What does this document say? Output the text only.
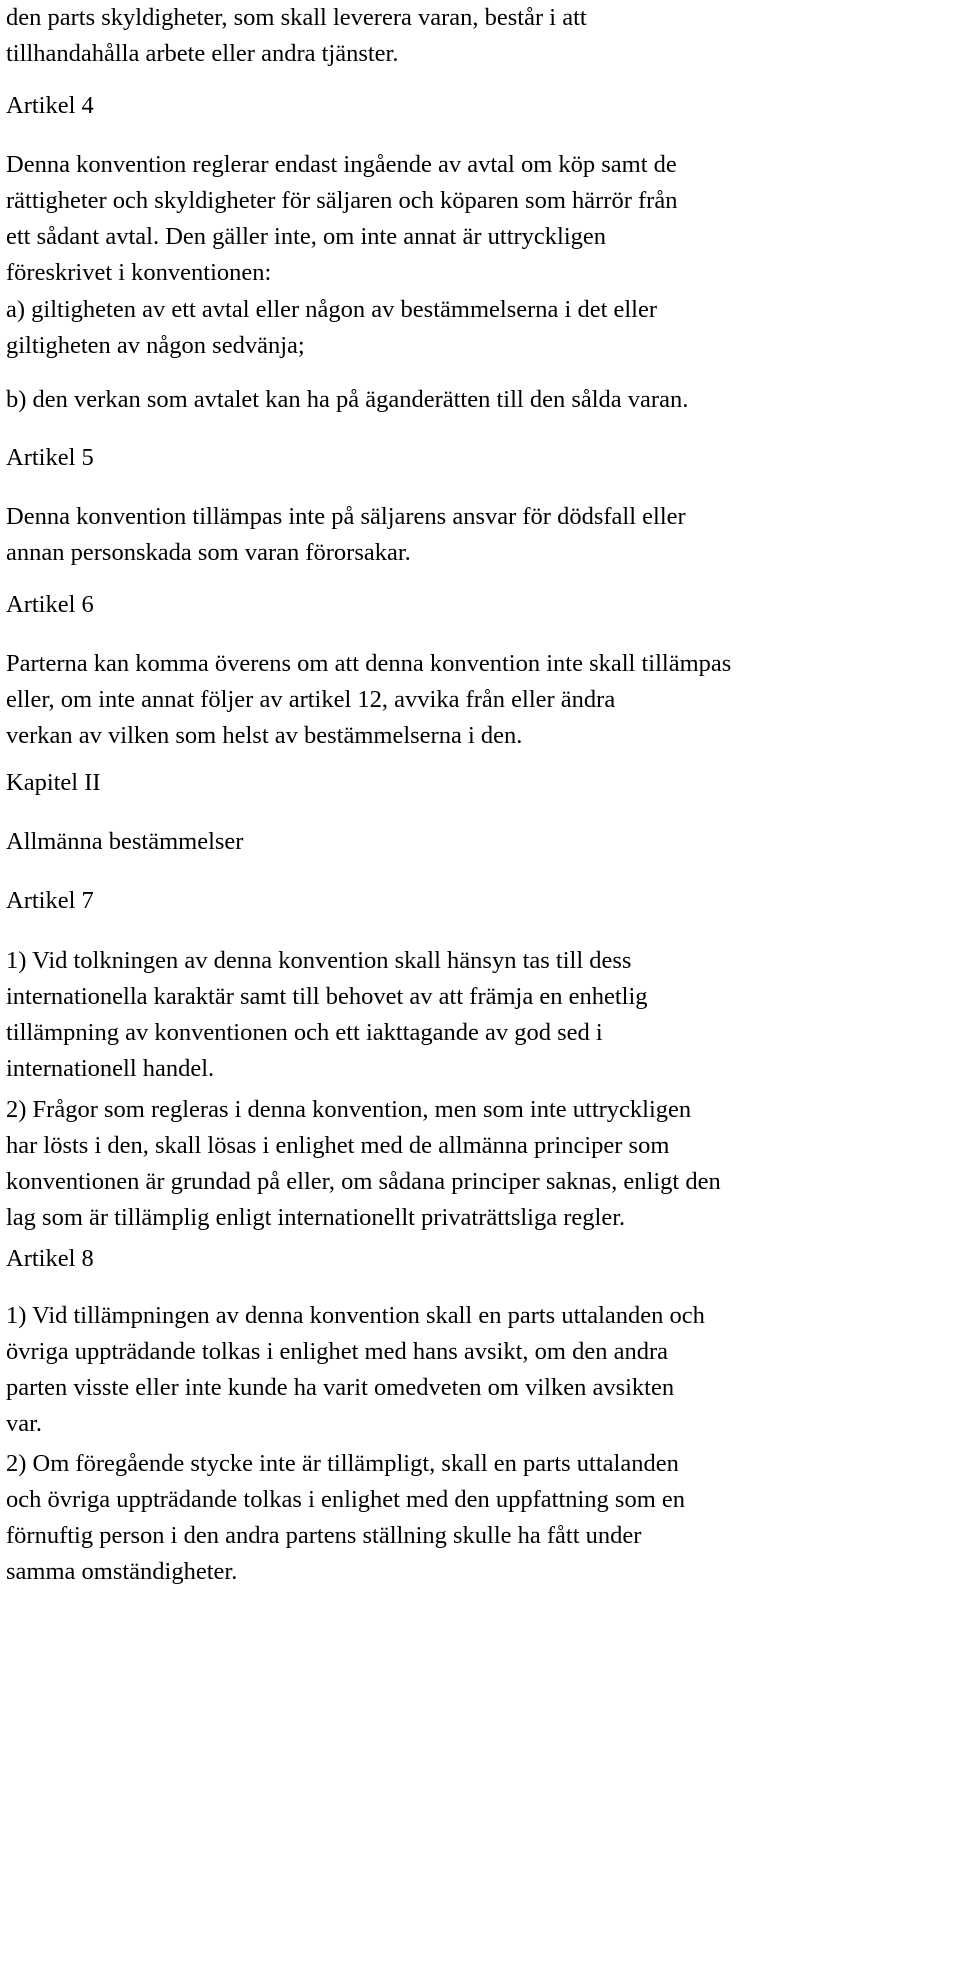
den parts skyldigheter, som skall leverera varan, består i att
tillhandahålla arbete eller andra tjänster.

Artikel 4

Denna konvention reglerar endast ingående av avtal om köp samt de
rättigheter och skyldigheter för säljaren och köparen som härrör från
ett sådant avtal. Den gäller inte, om inte annat är uttryckligen
föreskrivet i konventionen:

a) giltigheten av ett avtal eller någon av bestämmelserna i det eller
giltigheten av någon sedvänja;

b) den verkan som avtalet kan ha på äganderätten till den sålda varan.

Artikel 5

Denna konvention tillämpas inte på säljarens ansvar för dödsfall eller
annan personskada som varan förorsakar.

Artikel 6

Parterna kan komma överens om att denna konvention inte skall tillämpas
eller, om inte annat följer av artikel 12, avvika från eller ändra
verkan av vilken som helst av bestämmelserna i den.

Kapitel II

Allmänna bestämmelser

Artikel 7

1) Vid tolkningen av denna konvention skall hänsyn tas till dess
internationella karaktär samt till behovet av att främja en enhetlig
tillämpning av konventionen och ett iakttagande av god sed i
internationell handel.

2) Frågor som regleras i denna konvention, men som inte uttryckligen
har lösts i den, skall lösas i enlighet med de allmänna principer som
konventionen är grundad på eller, om sådana principer saknas, enligt den
lag som är tillämplig enligt internationellt privaträttsliga regler.

Artikel 8

1) Vid tillämpningen av denna konvention skall en parts uttalanden och
övriga uppträdande tolkas i enlighet med hans avsikt, om den andra
parten visste eller inte kunde ha varit omedveten om vilken avsikten
var.

2) Om föregående stycke inte är tillämpligt, skall en parts uttalanden
och övriga uppträdande tolkas i enlighet med den uppfattning som en
förnuftig person i den andra partens ställning skulle ha fått under
samma omständigheter.
